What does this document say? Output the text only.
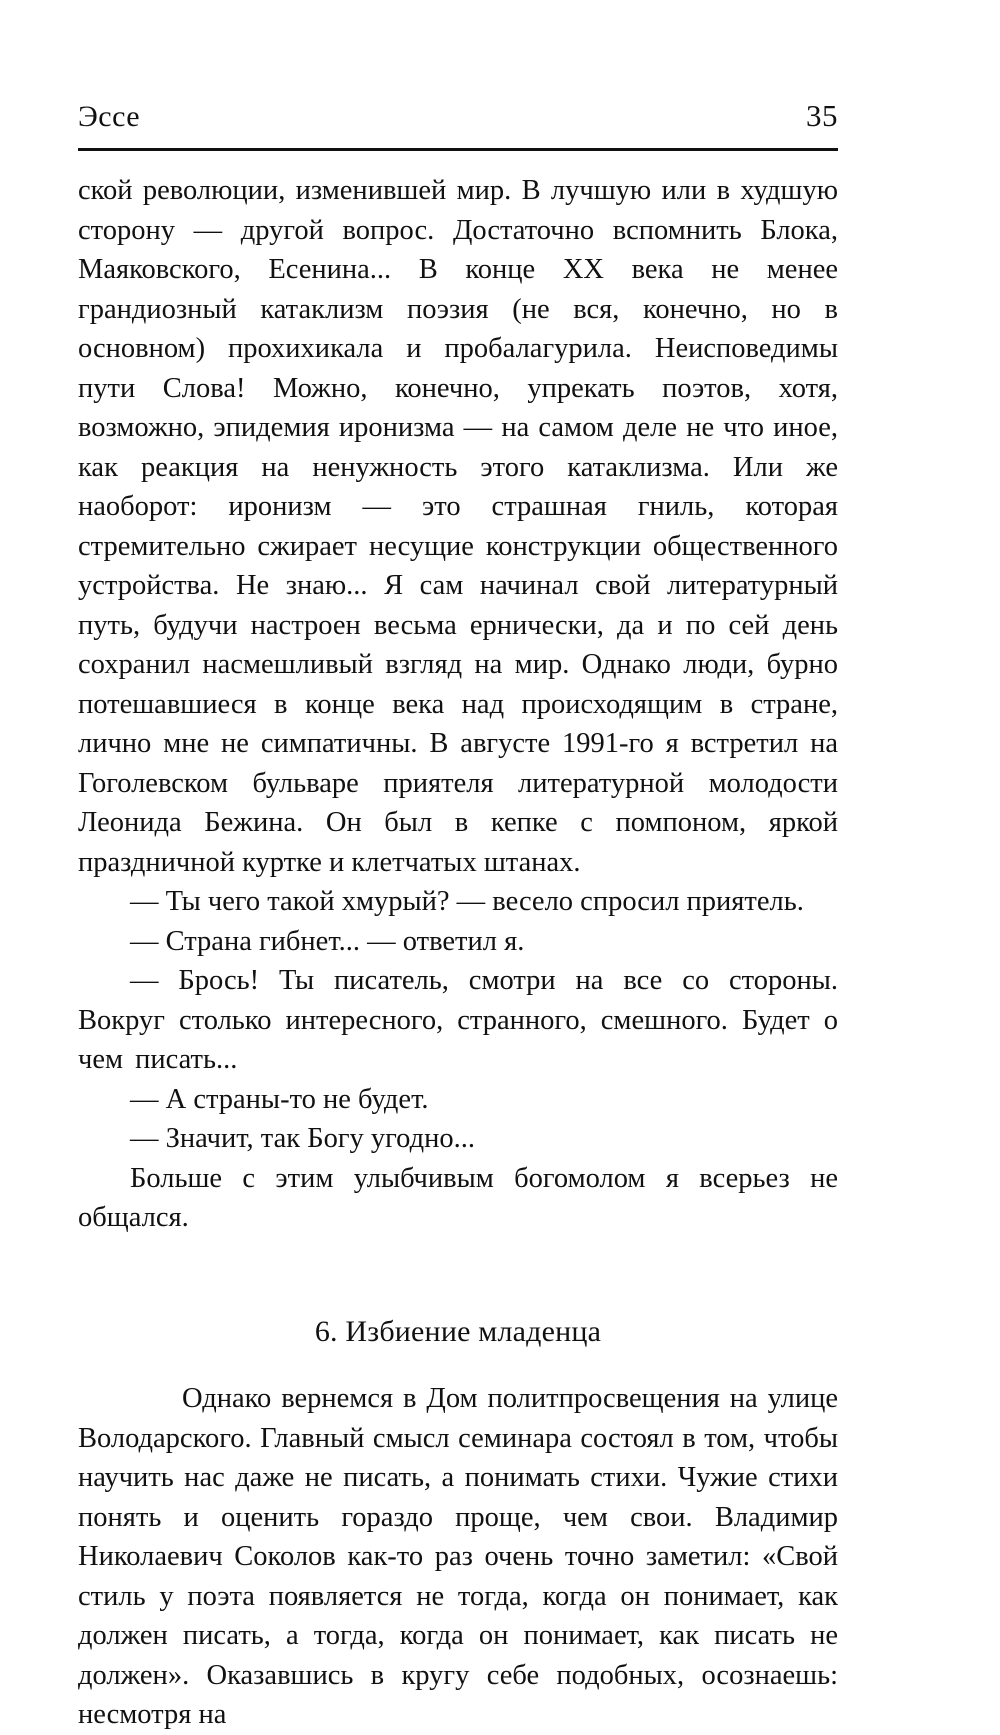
Эссе	35

ской революции, изменившей мир. В лучшую или в худшую сторону — другой вопрос. Достаточно вспомнить Блока, Маяковского, Есенина... В конце XX века не менее грандиозный катаклизм поэзия (не вся, конечно, но в основном) прохихикала и пробалагурила. Неисповедимы пути Слова! Можно, конечно, упрекать поэтов, хотя, возможно, эпидемия иронизма — на самом деле не что иное, как реакция на ненужность этого катаклизма. Или же наоборот: иронизм — это страшная гниль, которая стремительно сжирает несущие конструкции общественного устройства. Не знаю... Я сам начинал свой литературный путь, будучи настроен весьма ернически, да и по сей день сохранил насмешливый взгляд на мир. Однако люди, бурно потешавшиеся в конце века над происходящим в стране, лично мне не симпатичны. В августе 1991-го я встретил на Гоголевском бульваре приятеля литературной молодости Леонида Бежина. Он был в кепке с помпоном, яркой праздничной куртке и клетчатых штанах.

— Ты чего такой хмурый? — весело спросил приятель.

— Страна гибнет... — ответил я.

— Брось! Ты писатель, смотри на все со стороны. Вокруг столько интересного, странного, смешного. Будет о чем писать...

— А страны-то не будет.

— Значит, так Богу угодно...

Больше с этим улыбчивым богомолом я всерьез не общался.

6. Избиение младенца

Однако вернемся в Дом политпросвещения на улице Володарского. Главный смысл семинара состоял в том, чтобы научить нас даже не писать, а понимать стихи. Чужие стихи понять и оценить гораздо проще, чем свои. Владимир Николаевич Соколов как-то раз очень точно заметил: «Свой стиль у поэта появляется не тогда, когда он понимает, как должен писать, а тогда, когда он понимает, как писать не должен». Оказавшись в кругу себе подобных, осознаешь: несмотря на
